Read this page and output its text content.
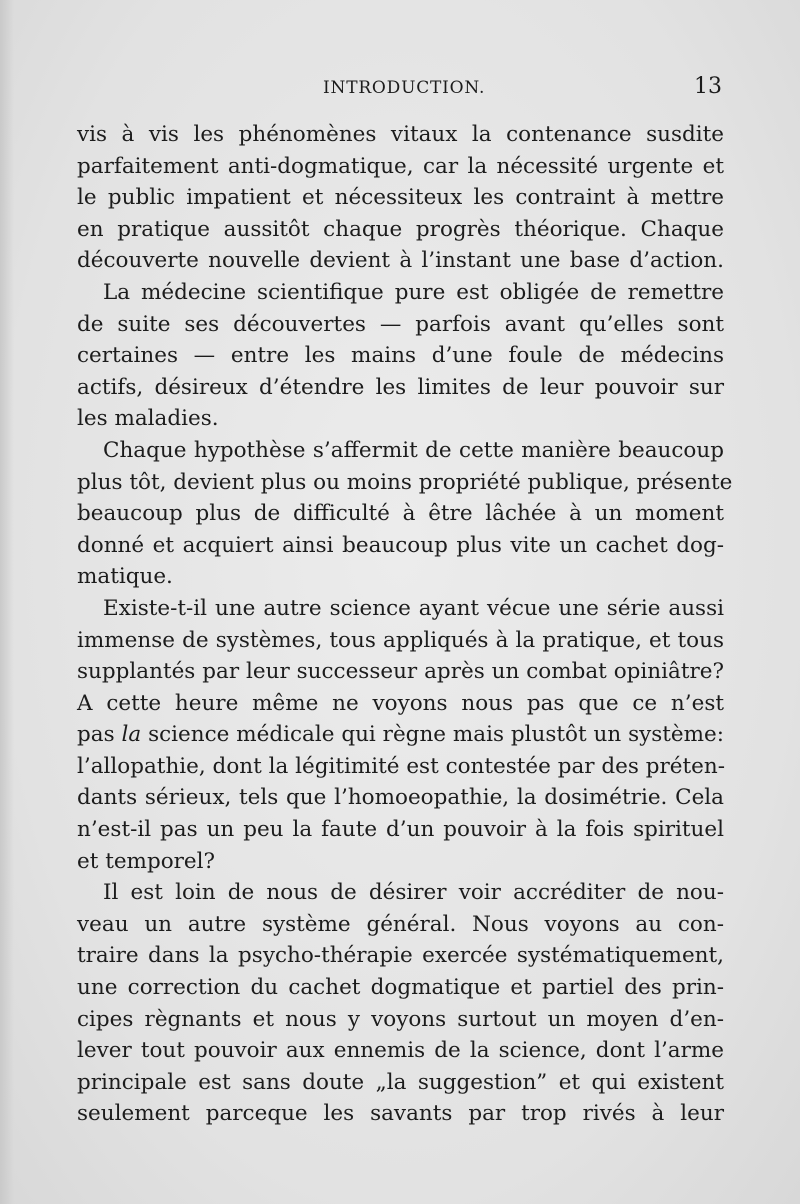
INTRODUCTION.	13
vis à vis les phénomènes vitaux la contenance susdite
parfaitement anti-dogmatique, car la nécessité urgente et
le public impatient et nécessiteux les contraint à mettre
en pratique aussitôt chaque progrès théorique. Chaque
découverte nouvelle devient à l’instant une base d’action.
La médecine scientifique pure est obligée de remettre
de suite ses découvertes — parfois avant qu’elles sont
certaines — entre les mains d’une foule de médecins
actifs, désireux d’étendre les limites de leur pouvoir sur
les maladies.
Chaque hypothèse s’affermit de cette manière beaucoup
plus tôt, devient plus ou moins propriété publique, présente
beaucoup plus de difficulté à être lâchée à un moment
donné et acquiert ainsi beaucoup plus vite un cachet dog-
matique.
Existe-t-il une autre science ayant vécue une série aussi
immense de systèmes, tous appliqués à la pratique, et tous
supplantés par leur successeur après un combat opiniâtre?
A cette heure même ne voyons nous pas que ce n’est
pas la science médicale qui règne mais plustôt un système:
l’allopathie, dont la légitimité est contestée par des préten-
dants sérieux, tels que l’homoeopathie, la dosimétrie. Cela
n’est-il pas un peu la faute d’un pouvoir à la fois spirituel
et temporel?
Il est loin de nous de désirer voir accréditer de nou-
veau un autre système général. Nous voyons au con-
traire dans la psycho-thérapie exercée systématiquement,
une correction du cachet dogmatique et partiel des prin-
cipes règnants et nous y voyons surtout un moyen d’en-
lever tout pouvoir aux ennemis de la science, dont l’arme
principale est sans doute „la suggestion” et qui existent
seulement parceque les savants par trop rivés à leur
